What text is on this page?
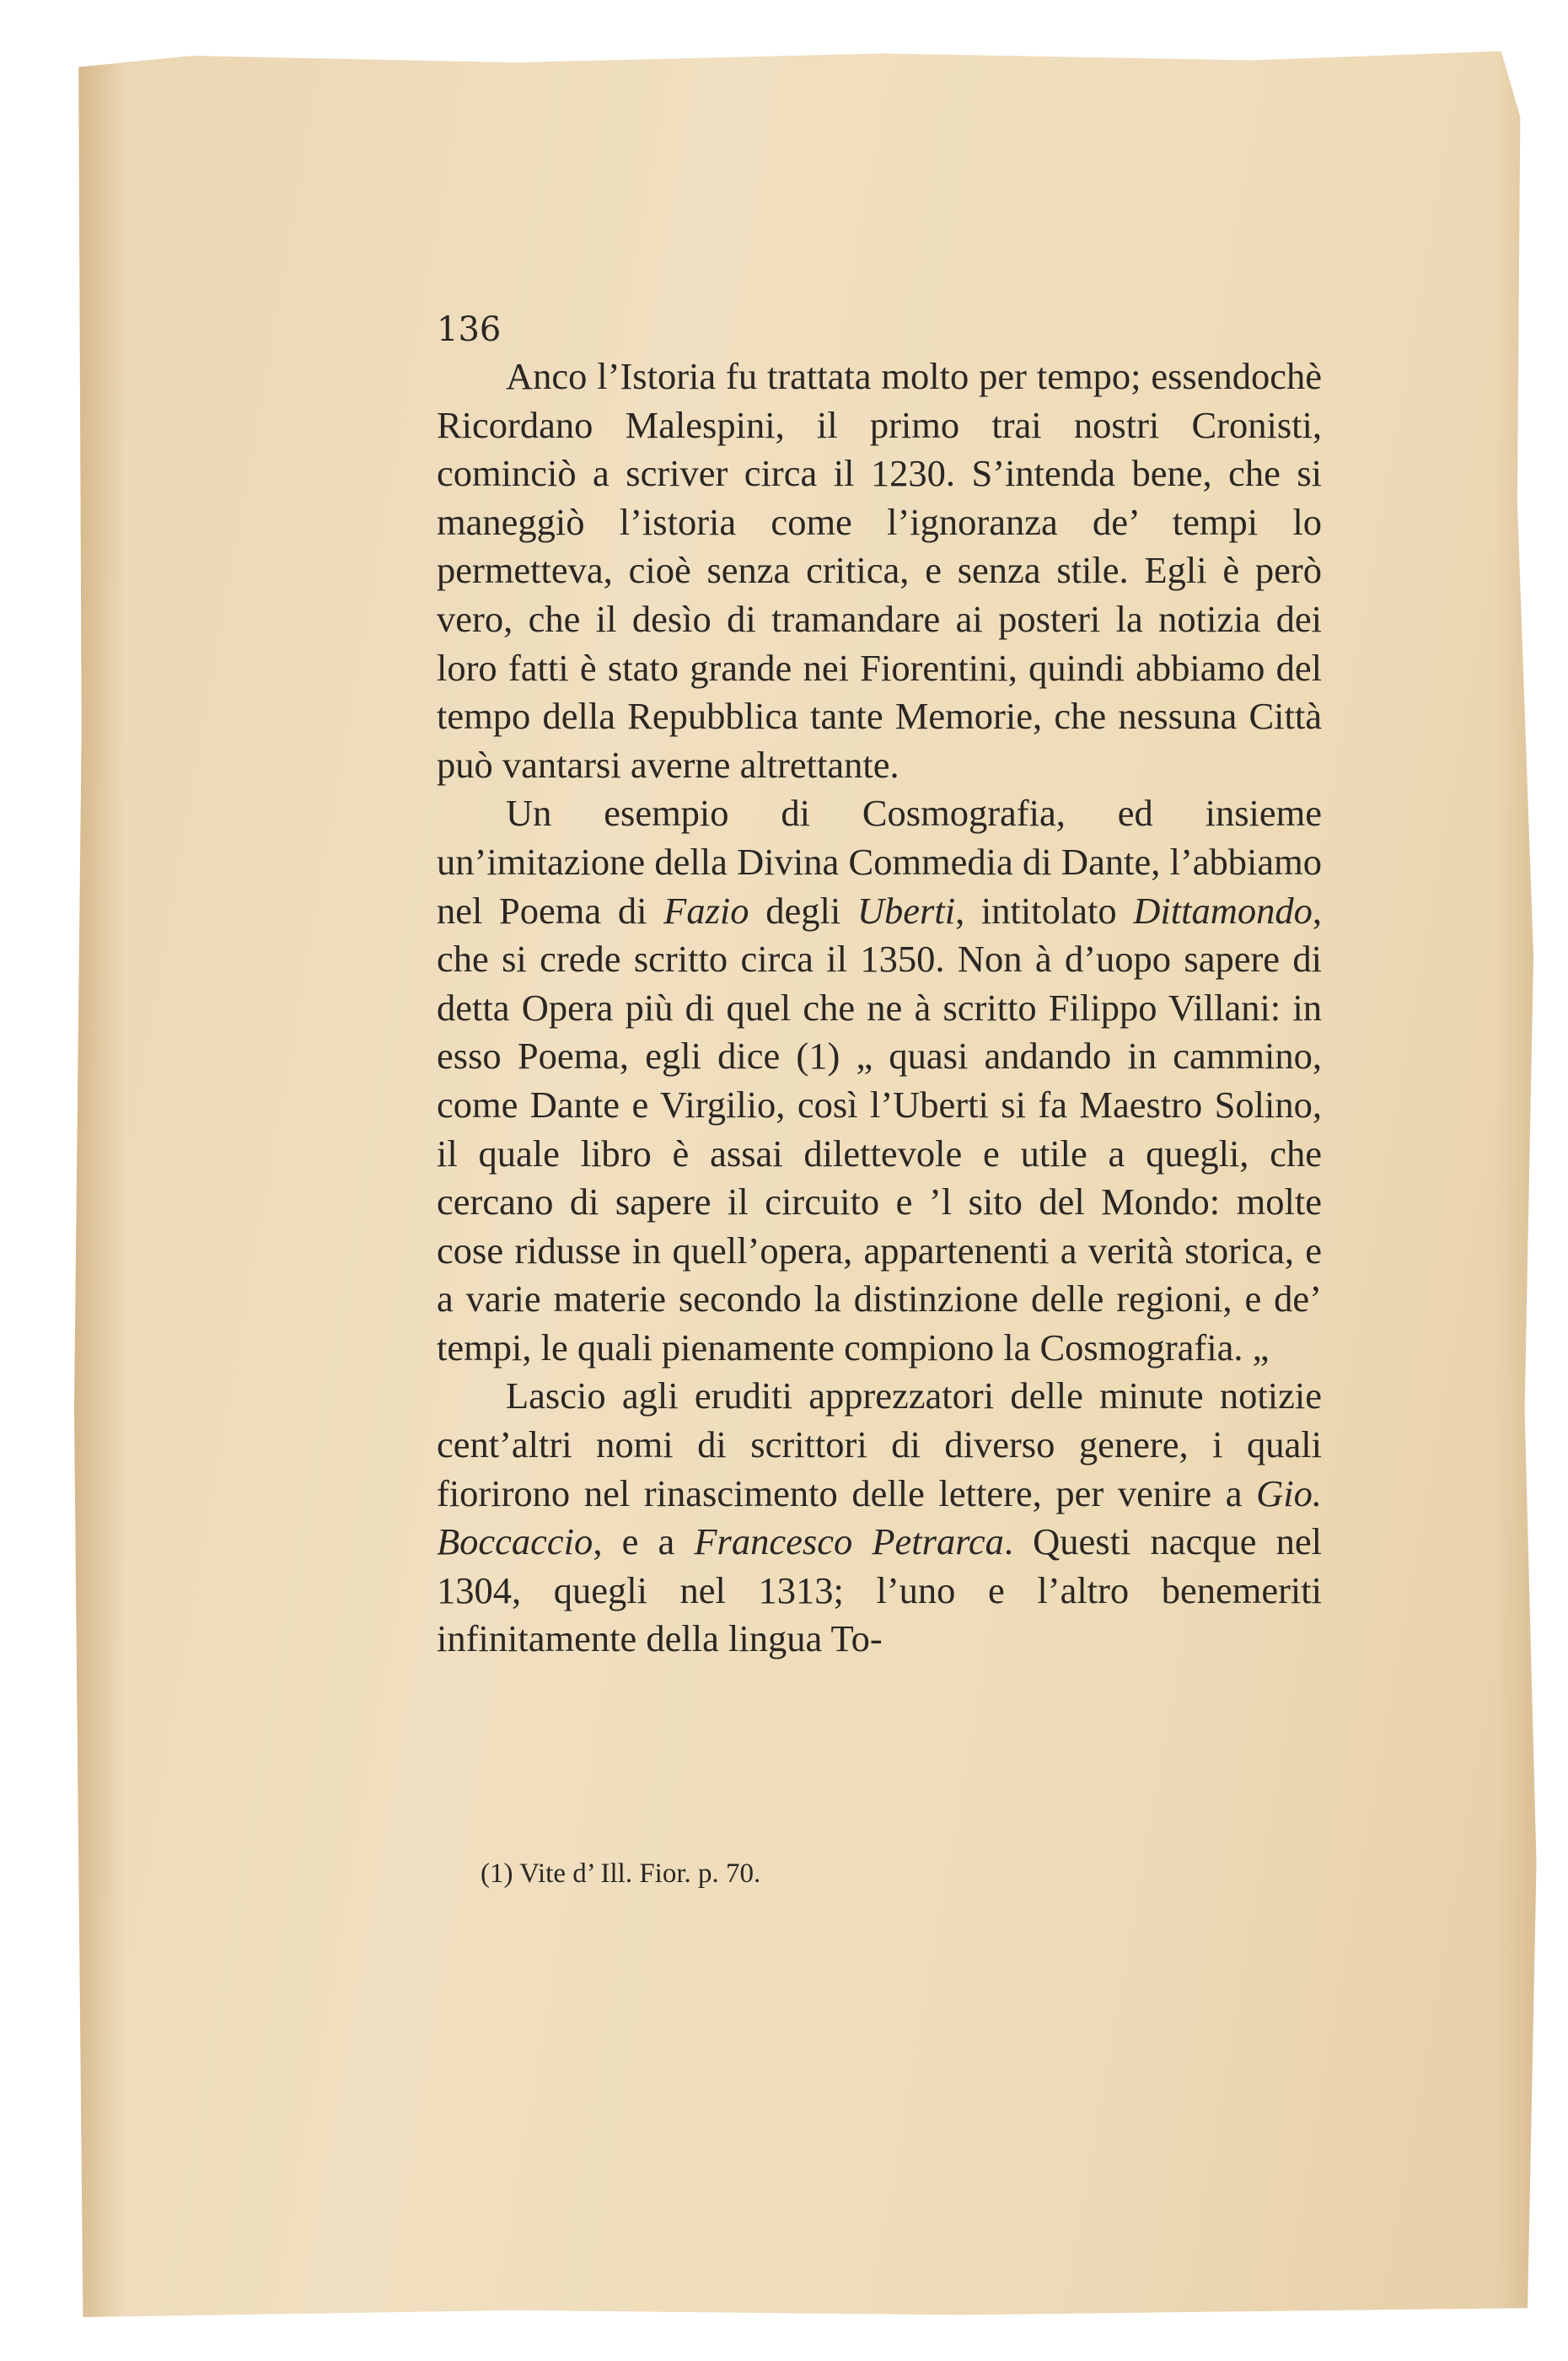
136

Anco l’Istoria fu trattata molto per tempo; essendochè Ricordano Malespini, il primo trai nostri Cronisti, cominciò a scriver circa il 1230. S’intenda bene, che si maneggiò l’istoria come l’ignoranza de’ tempi lo permetteva, cioè senza critica, e senza stile. Egli è però vero, che il desìo di tramandare ai posteri la notizia dei loro fatti è stato grande nei Fiorentini, quindi abbiamo del tempo della Repubblica tante Memorie, che nessuna Città può vantarsi averne altrettante.

Un esempio di Cosmografia, ed insieme un’imitazione della Divina Commedia di Dante, l’abbiamo nel Poema di Fazio degli Uberti, intitolato Dittamondo, che si crede scritto circa il 1350. Non à d’uopo sapere di detta Opera più di quel che ne à scritto Filippo Villani: in esso Poema, egli dice (1) „ quasi andando in cammino, come Dante e Virgilio, così l’Uberti si fa Maestro Solino, il quale libro è assai dilettevole e utile a quegli, che cercano di sapere il circuito e ’l sito del Mondo: molte cose ridusse in quell’opera, appartenenti a verità storica, e a varie materie secondo la distinzione delle regioni, e de’ tempi, le quali pienamente compiono la Cosmografia. „

Lascio agli eruditi apprezzatori delle minute notizie cent’altri nomi di scrittori di diverso genere, i quali fiorirono nel rinascimento delle lettere, per venire a Gio. Boccaccio, e a Francesco Petrarca. Questi nacque nel 1304, quegli nel 1313; l’uno e l’altro benemeriti infinitamente della lingua To-

(1) Vite d’ Ill. Fior. p. 70.
